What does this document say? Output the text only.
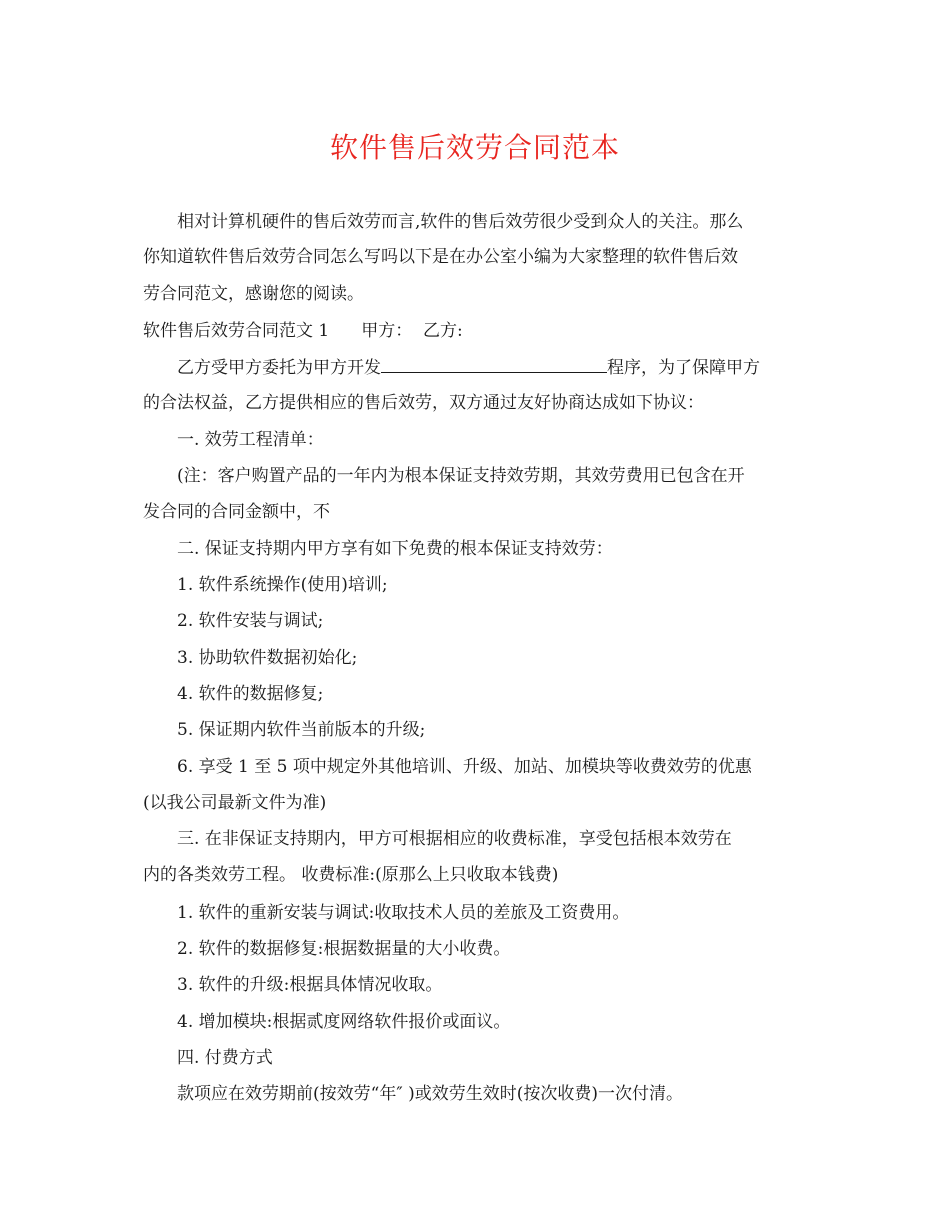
软件售后效劳合同范本
相对计算机硬件的售后效劳而言,软件的售后效劳很少受到众人的关注。那么
你知道软件售后效劳合同怎么写吗以下是在办公室小编为大家整理的软件售后效
劳合同范文，感谢您的阅读。
软件售后效劳合同范文 1 甲方： 乙方:
乙方受甲方委托为甲方开发	程序，为了保障甲方
的合法权益，乙方提供相应的售后效劳，双方通过友好协商达成如下协议：
一. 效劳工程清单：
(注：客户购置产品的一年内为根本保证支持效劳期，其效劳费用已包含在开
发合同的合同金额中，不
二. 保证支持期内甲方享有如下免费的根本保证支持效劳：
1. 软件系统操作(使用)培训;
2. 软件安装与调试;
3. 协助软件数据初始化;
4. 软件的数据修复;
5. 保证期内软件当前版本的升级;
6. 享受 1 至 5 项中规定外其他培训、升级、加站、加模块等收费效劳的优惠
(以我公司最新文件为准)
三. 在非保证支持期内，甲方可根据相应的收费标准，享受包括根本效劳在
内的各类效劳工程。 收费标准:(原那么上只收取本钱费)
1. 软件的重新安装与调试:收取技术人员的差旅及工资费用。
2. 软件的数据修复:根据数据量的大小收费。
3. 软件的升级:根据具体情况收取。
4. 增加模块:根据贰度网络软件报价或面议。
四. 付费方式
款项应在效劳期前(按效劳“年″ )或效劳生效时(按次收费)一次付清。
